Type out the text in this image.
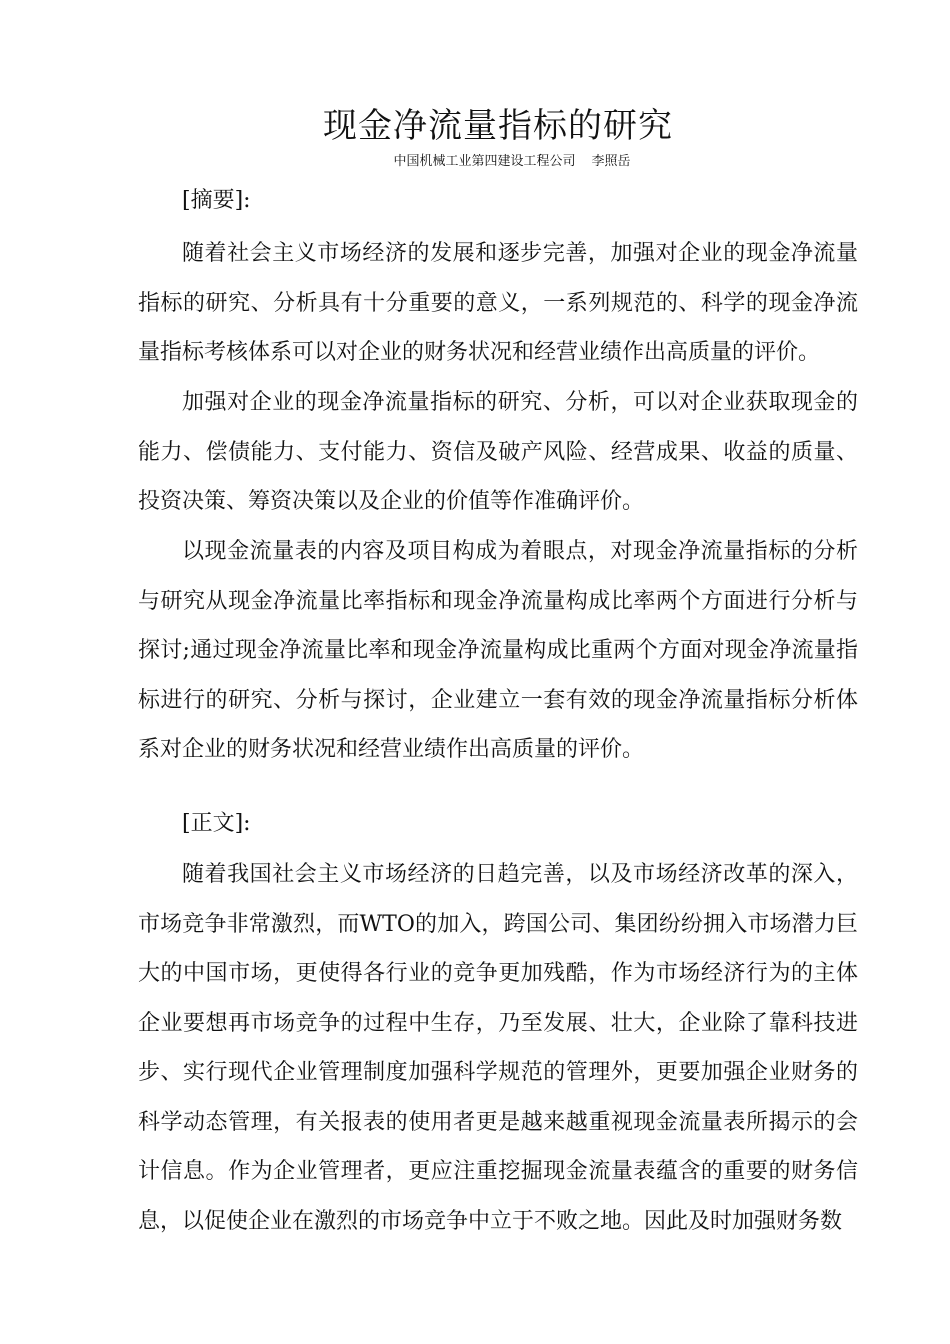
现金净流量指标的研究

中国机械工业第四建设工程公司 李照岳

[摘要]:

随着社会主义市场经济的发展和逐步完善，加强对企业的现金净流量指标的研究、分析具有十分重要的意义，一系列规范的、科学的现金净流量指标考核体系可以对企业的财务状况和经营业绩作出高质量的评价。

加强对企业的现金净流量指标的研究、分析，可以对企业获取现金的能力、偿债能力、支付能力、资信及破产风险、经营成果、收益的质量、投资决策、筹资决策以及企业的价值等作准确评价。

以现金流量表的内容及项目构成为着眼点，对现金净流量指标的分析与研究从现金净流量比率指标和现金净流量构成比率两个方面进行分析与探讨;通过现金净流量比率和现金净流量构成比重两个方面对现金净流量指标进行的研究、分析与探讨，企业建立一套有效的现金净流量指标分析体系对企业的财务状况和经营业绩作出高质量的评价。

[正文]:

随着我国社会主义市场经济的日趋完善，以及市场经济改革的深入，市场竞争非常激烈，而WTO的加入，跨国公司、集团纷纷拥入市场潜力巨大的中国市场，更使得各行业的竞争更加残酷，作为市场经济行为的主体企业要想再市场竞争的过程中生存，乃至发展、壮大，企业除了靠科技进步、实行现代企业管理制度加强科学规范的管理外，更要加强企业财务的科学动态管理，有关报表的使用者更是越来越重视现金流量表所揭示的会计信息。作为企业管理者，更应注重挖掘现金流量表蕴含的重要的财务信息，以促使企业在激烈的市场竞争中立于不败之地。因此及时加强财务数
